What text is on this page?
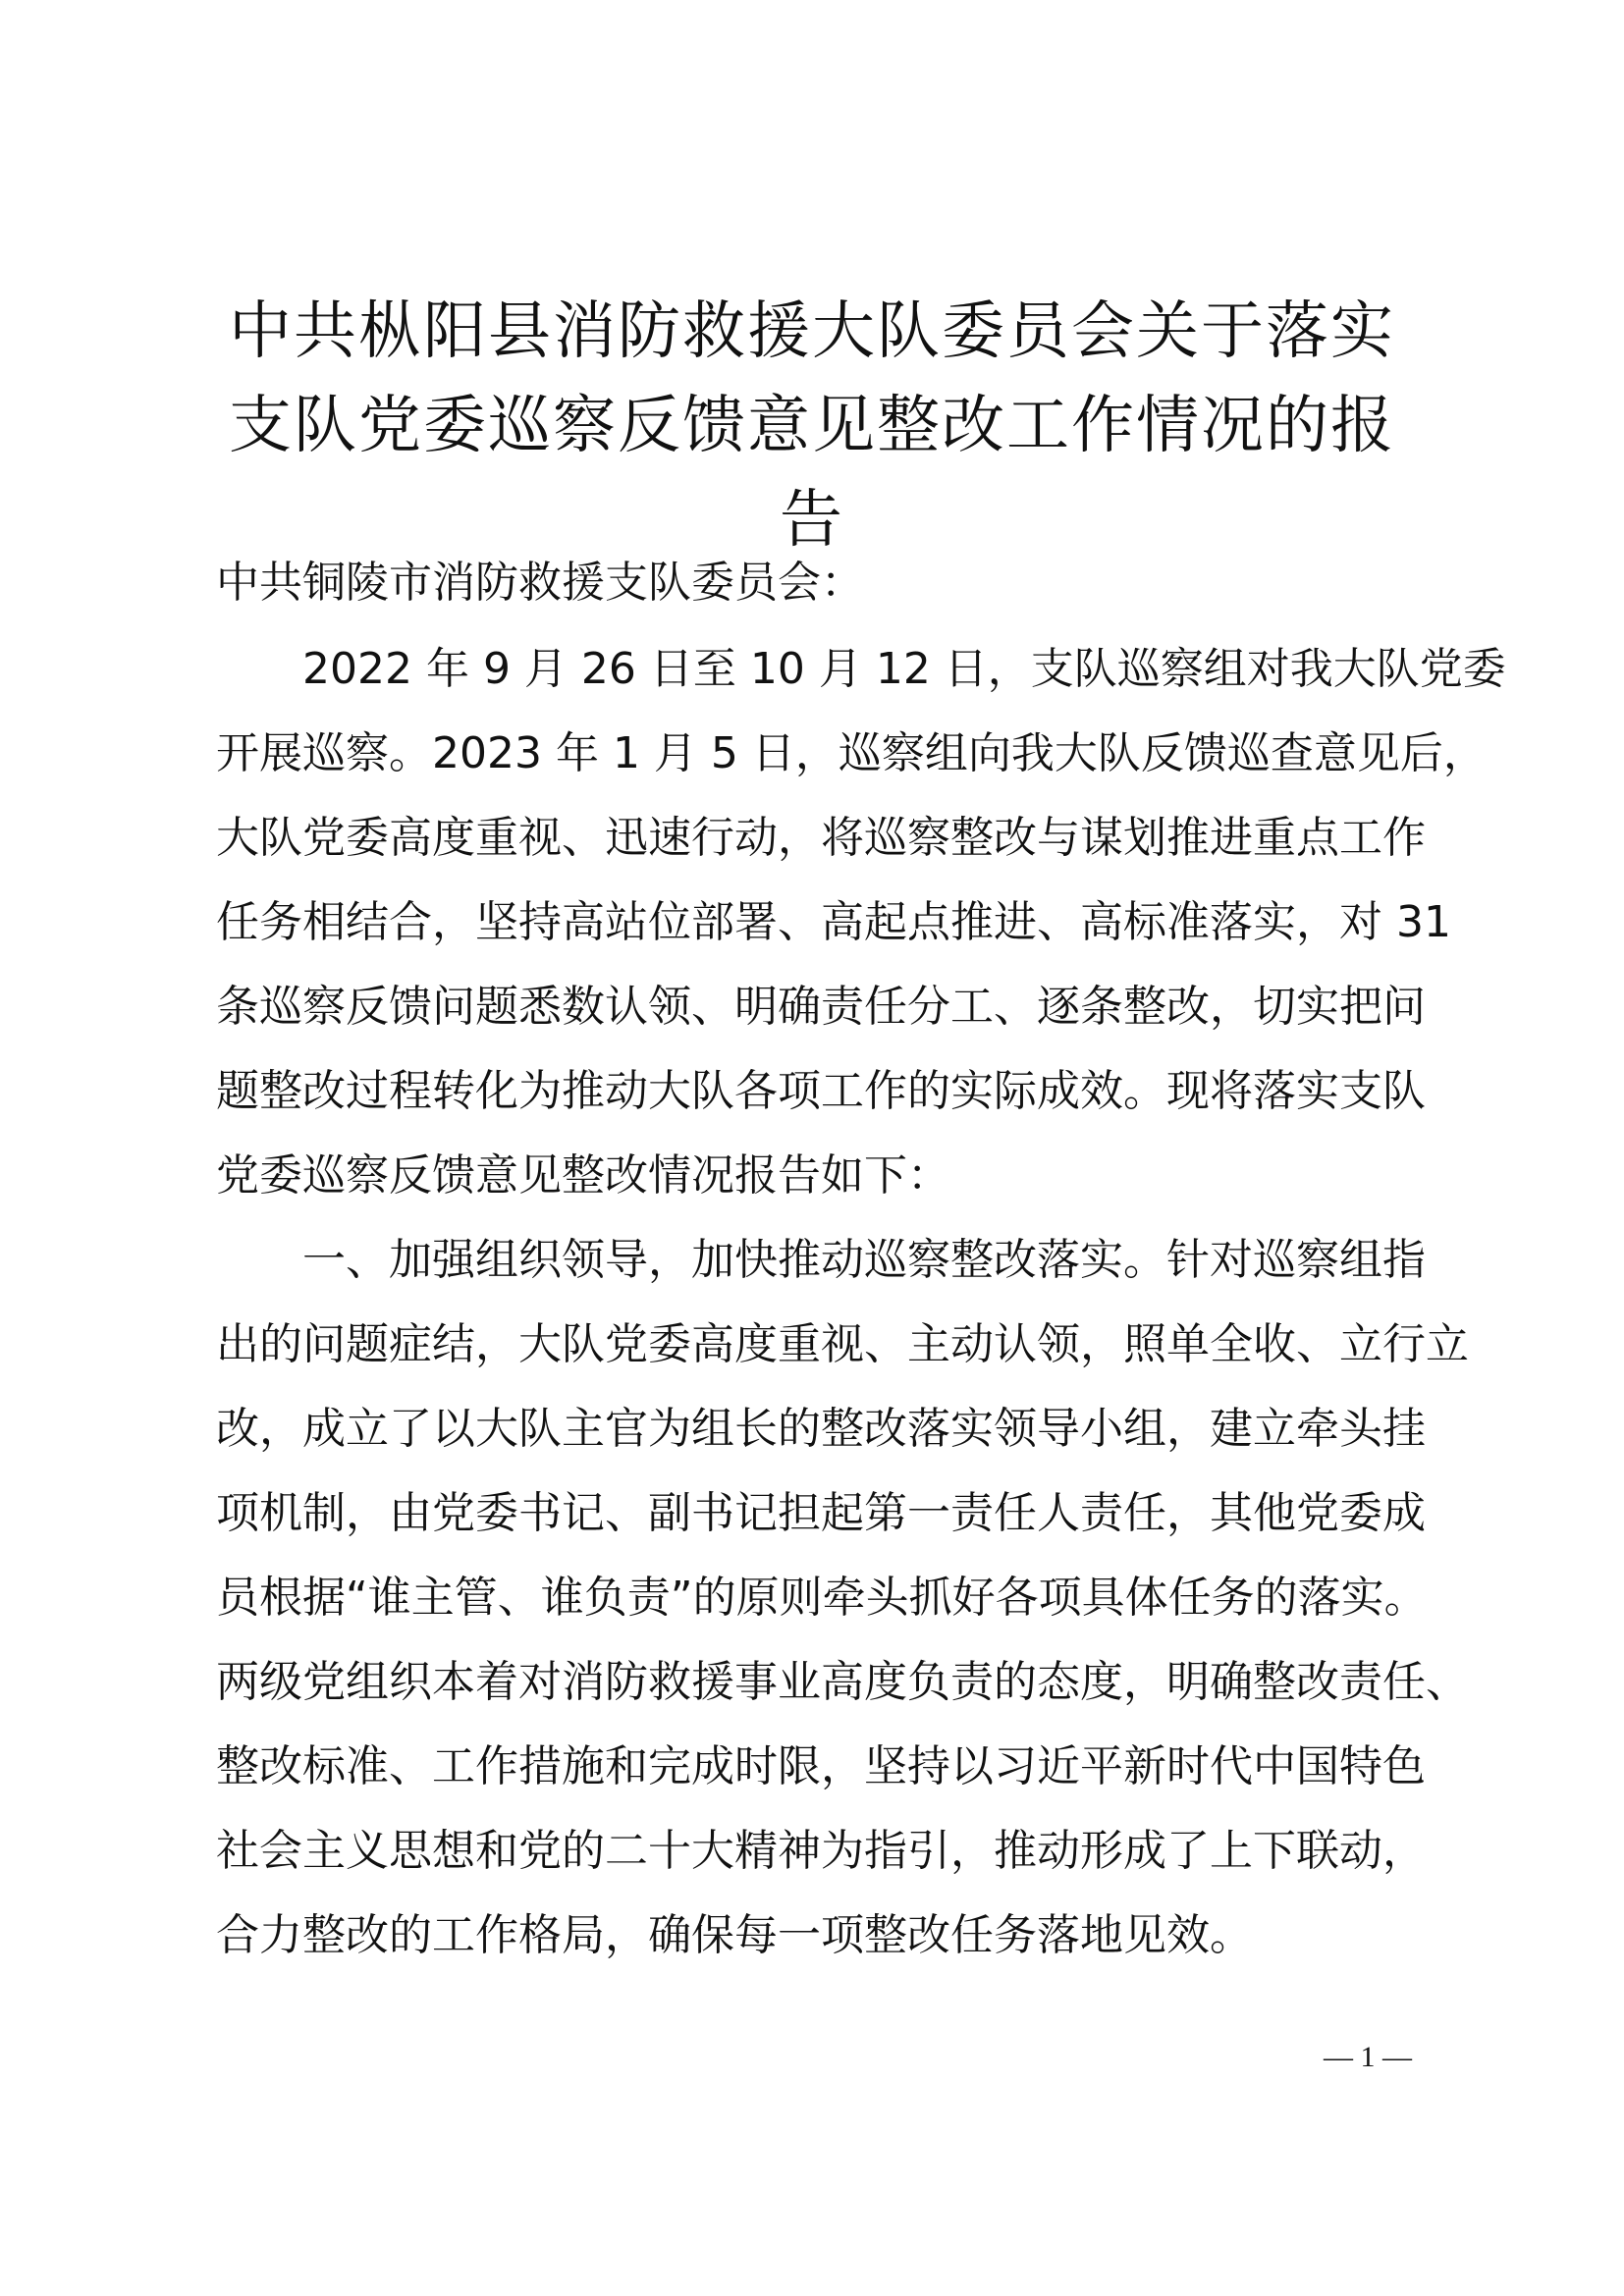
中共枞阳县消防救援大队委员会关于落实
支队党委巡察反馈意见整改工作情况的报告
中共铜陵市消防救援支队委员会：
2022 年 9 月 26 日至 10 月 12 日，支队巡察组对我大队党委
开展巡察。2023 年 1 月 5 日，巡察组向我大队反馈巡查意见后，
大队党委高度重视、迅速行动，将巡察整改与谋划推进重点工作
任务相结合，坚持高站位部署、高起点推进、高标准落实，对 31
条巡察反馈问题悉数认领、明确责任分工、逐条整改，切实把问
题整改过程转化为推动大队各项工作的实际成效。现将落实支队
党委巡察反馈意见整改情况报告如下：
一、加强组织领导，加快推动巡察整改落实。针对巡察组指
出的问题症结，大队党委高度重视、主动认领，照单全收、立行立
改，成立了以大队主官为组长的整改落实领导小组，建立牵头挂
项机制，由党委书记、副书记担起第一责任人责任，其他党委成
员根据“谁主管、谁负责”的原则牵头抓好各项具体任务的落实。
两级党组织本着对消防救援事业高度负责的态度，明确整改责任、
整改标准、工作措施和完成时限，坚持以习近平新时代中国特色
社会主义思想和党的二十大精神为指引，推动形成了上下联动，
合力整改的工作格局，确保每一项整改任务落地见效。
— 1 —
